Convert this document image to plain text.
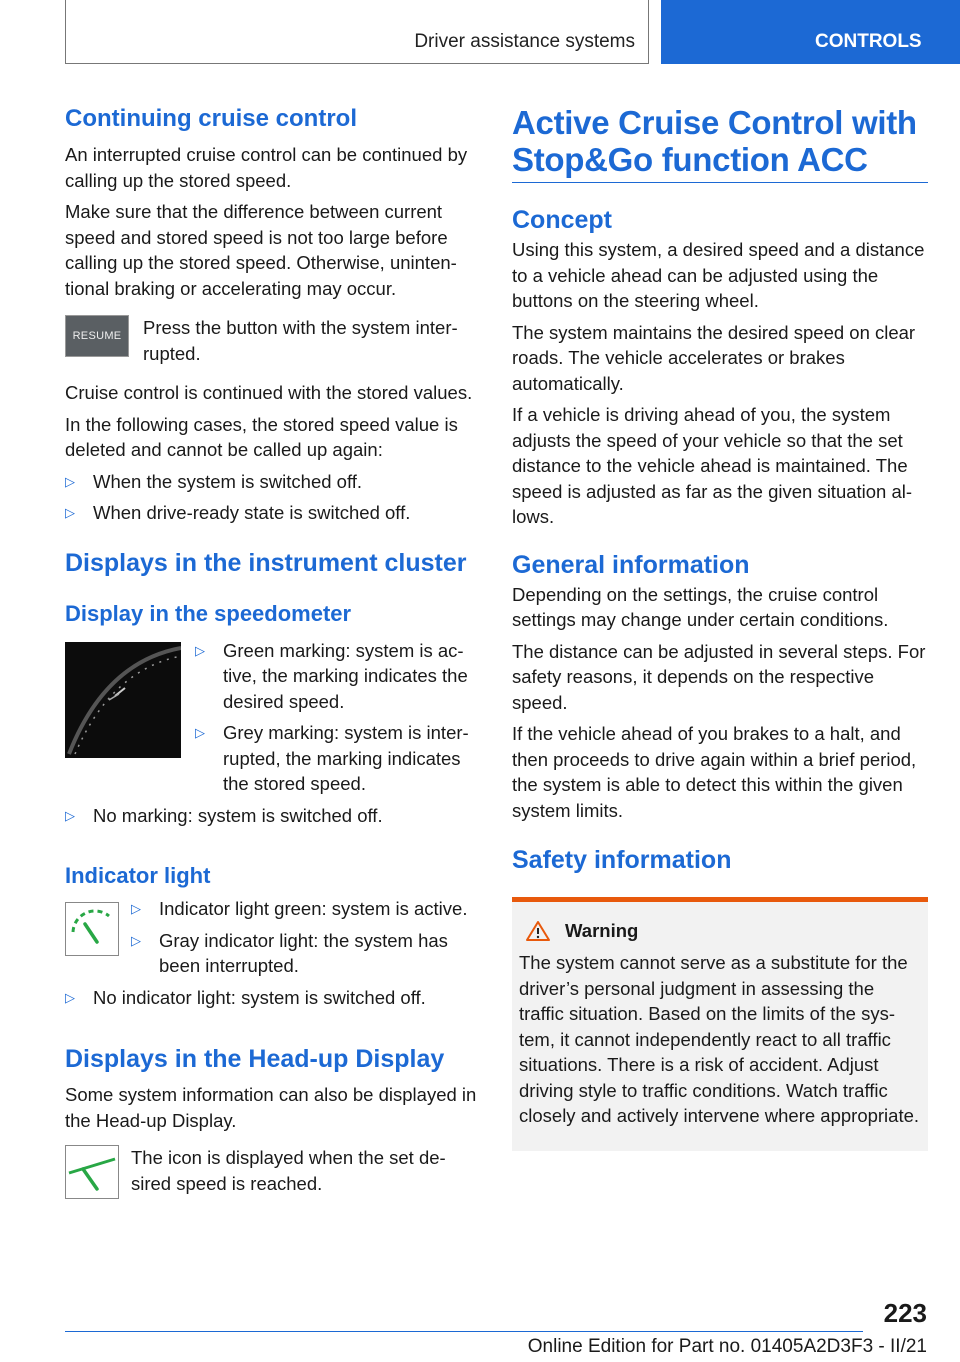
Driver assistance systems	CONTROLS
Continuing cruise control

An interrupted cruise control can be continued by calling up the stored speed.

Make sure that the difference between current speed and stored speed is not too large before calling up the stored speed. Otherwise, unintentional braking or accelerating may occur.

RESUME Press the button with the system interrupted.

Cruise control is continued with the stored values.

In the following cases, the stored speed value is deleted and cannot be called up again:

▷ When the system is switched off.
▷ When drive-ready state is switched off.
Displays in the instrument cluster
Display in the speedometer
▷ Green marking: system is active, the marking indicates the desired speed.
▷ Grey marking: system is interrupted, the marking indicates the stored speed.
▷ No marking: system is switched off.
Indicator light
▷ Indicator light green: system is active.
▷ Gray indicator light: the system has been interrupted.
▷ No indicator light: system is switched off.
Displays in the Head-up Display

Some system information can also be displayed in the Head-up Display.

The icon is displayed when the set desired speed is reached.

Active Cruise Control with Stop&Go function ACC
Concept

Using this system, a desired speed and a distance to a vehicle ahead can be adjusted using the buttons on the steering wheel.

The system maintains the desired speed on clear roads. The vehicle accelerates or brakes automatically.

If a vehicle is driving ahead of you, the system adjusts the speed of your vehicle so that the set distance to the vehicle ahead is maintained. The speed is adjusted as far as the given situation allows.

General information

Depending on the settings, the cruise control settings may change under certain conditions.

The distance can be adjusted in several steps. For safety reasons, it depends on the respective speed.

If the vehicle ahead of you brakes to a halt, and then proceeds to drive again within a brief period, the system is able to detect this within the given system limits.

Safety information
Warning

The system cannot serve as a substitute for the driver’s personal judgment in assessing the traffic situation. Based on the limits of the system, it cannot independently react to all traffic situations. There is a risk of accident. Adjust driving style to traffic conditions. Watch traffic closely and actively intervene where appropriate.

223
Online Edition for Part no. 01405A2D3F3 - II/21
